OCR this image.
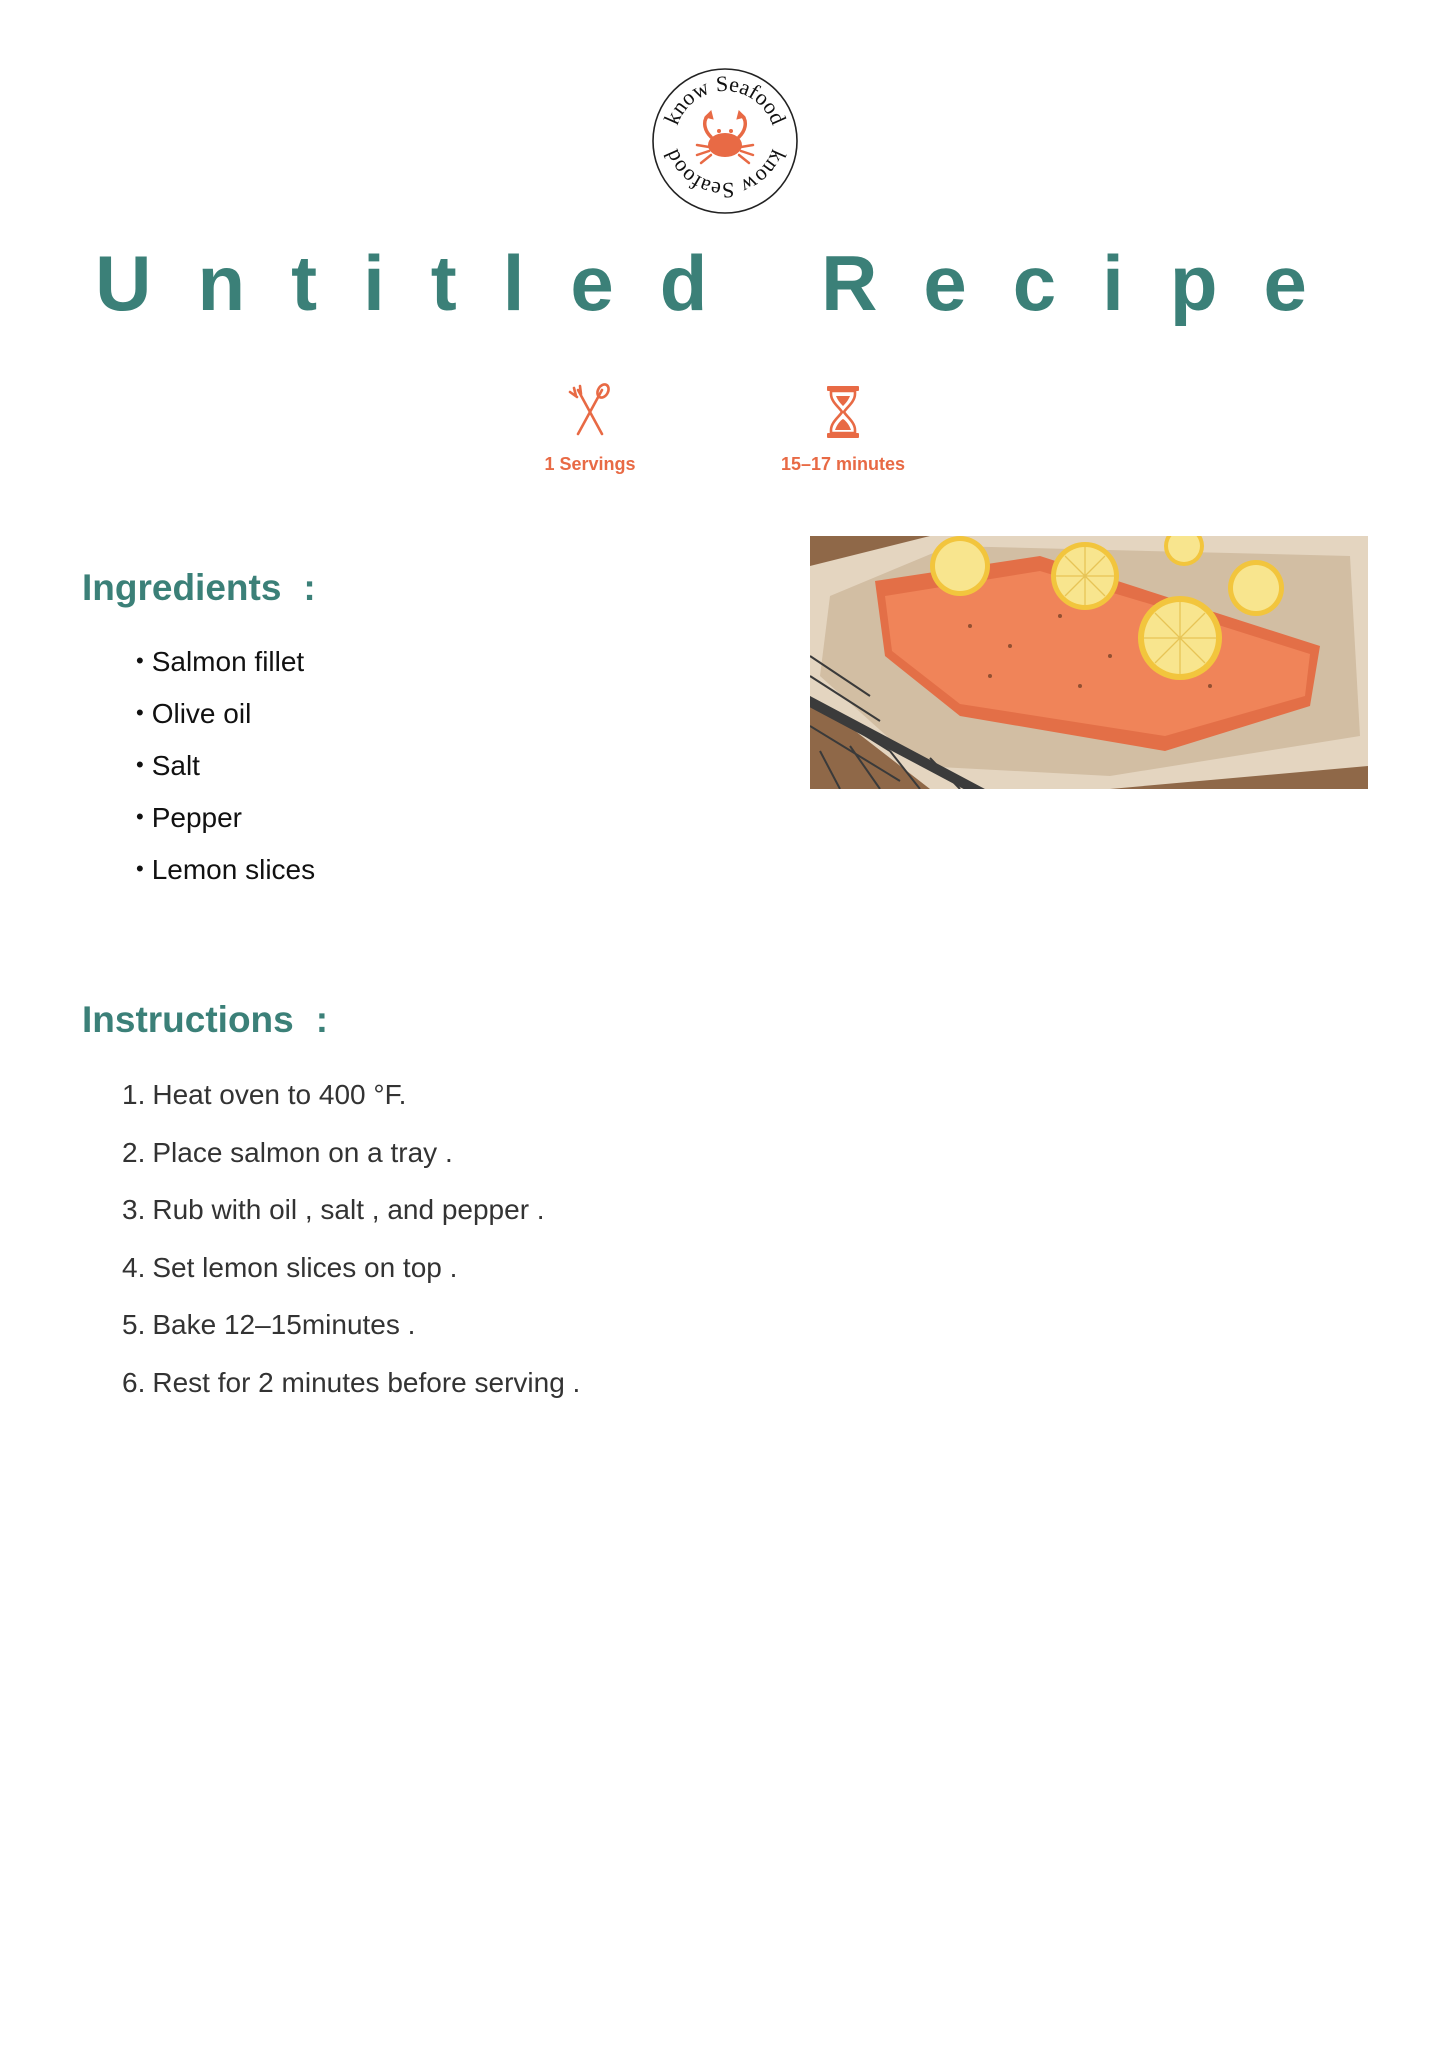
know Seafood
know Seafood
Untitled Recipe
1 Servings	15–17 minutes
Ingredients :
• Salmon fillet
• Olive oil
• Salt
• Pepper
• Lemon slices
Instructions :
1. Heat oven to 400 °F.
2. Place salmon on a tray .
3. Rub with oil , salt , and pepper .
4. Set lemon slices on top .
5. Bake 12–15minutes .
6. Rest for 2 minutes before serving .
